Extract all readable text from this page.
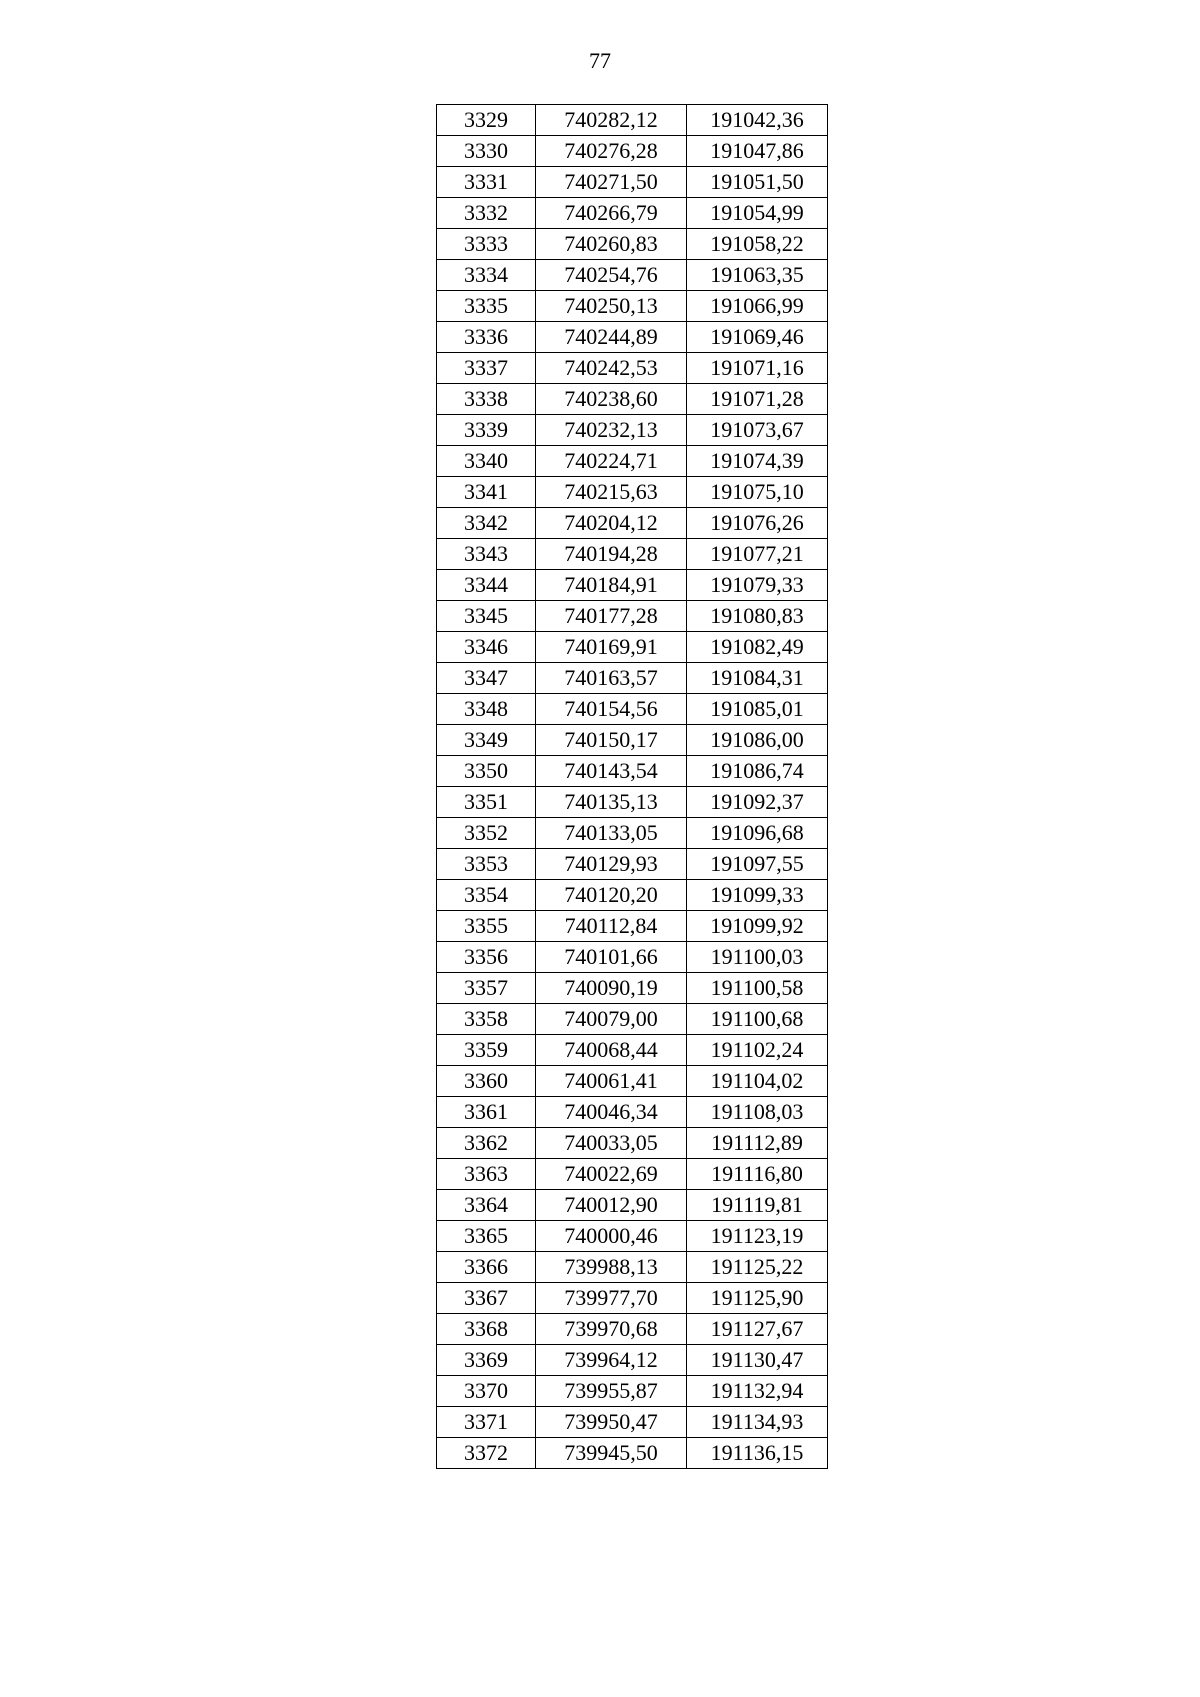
77
3329	740282,12	191042,36
3330	740276,28	191047,86
3331	740271,50	191051,50
3332	740266,79	191054,99
3333	740260,83	191058,22
3334	740254,76	191063,35
3335	740250,13	191066,99
3336	740244,89	191069,46
3337	740242,53	191071,16
3338	740238,60	191071,28
3339	740232,13	191073,67
3340	740224,71	191074,39
3341	740215,63	191075,10
3342	740204,12	191076,26
3343	740194,28	191077,21
3344	740184,91	191079,33
3345	740177,28	191080,83
3346	740169,91	191082,49
3347	740163,57	191084,31
3348	740154,56	191085,01
3349	740150,17	191086,00
3350	740143,54	191086,74
3351	740135,13	191092,37
3352	740133,05	191096,68
3353	740129,93	191097,55
3354	740120,20	191099,33
3355	740112,84	191099,92
3356	740101,66	191100,03
3357	740090,19	191100,58
3358	740079,00	191100,68
3359	740068,44	191102,24
3360	740061,41	191104,02
3361	740046,34	191108,03
3362	740033,05	191112,89
3363	740022,69	191116,80
3364	740012,90	191119,81
3365	740000,46	191123,19
3366	739988,13	191125,22
3367	739977,70	191125,90
3368	739970,68	191127,67
3369	739964,12	191130,47
3370	739955,87	191132,94
3371	739950,47	191134,93
3372	739945,50	191136,15
